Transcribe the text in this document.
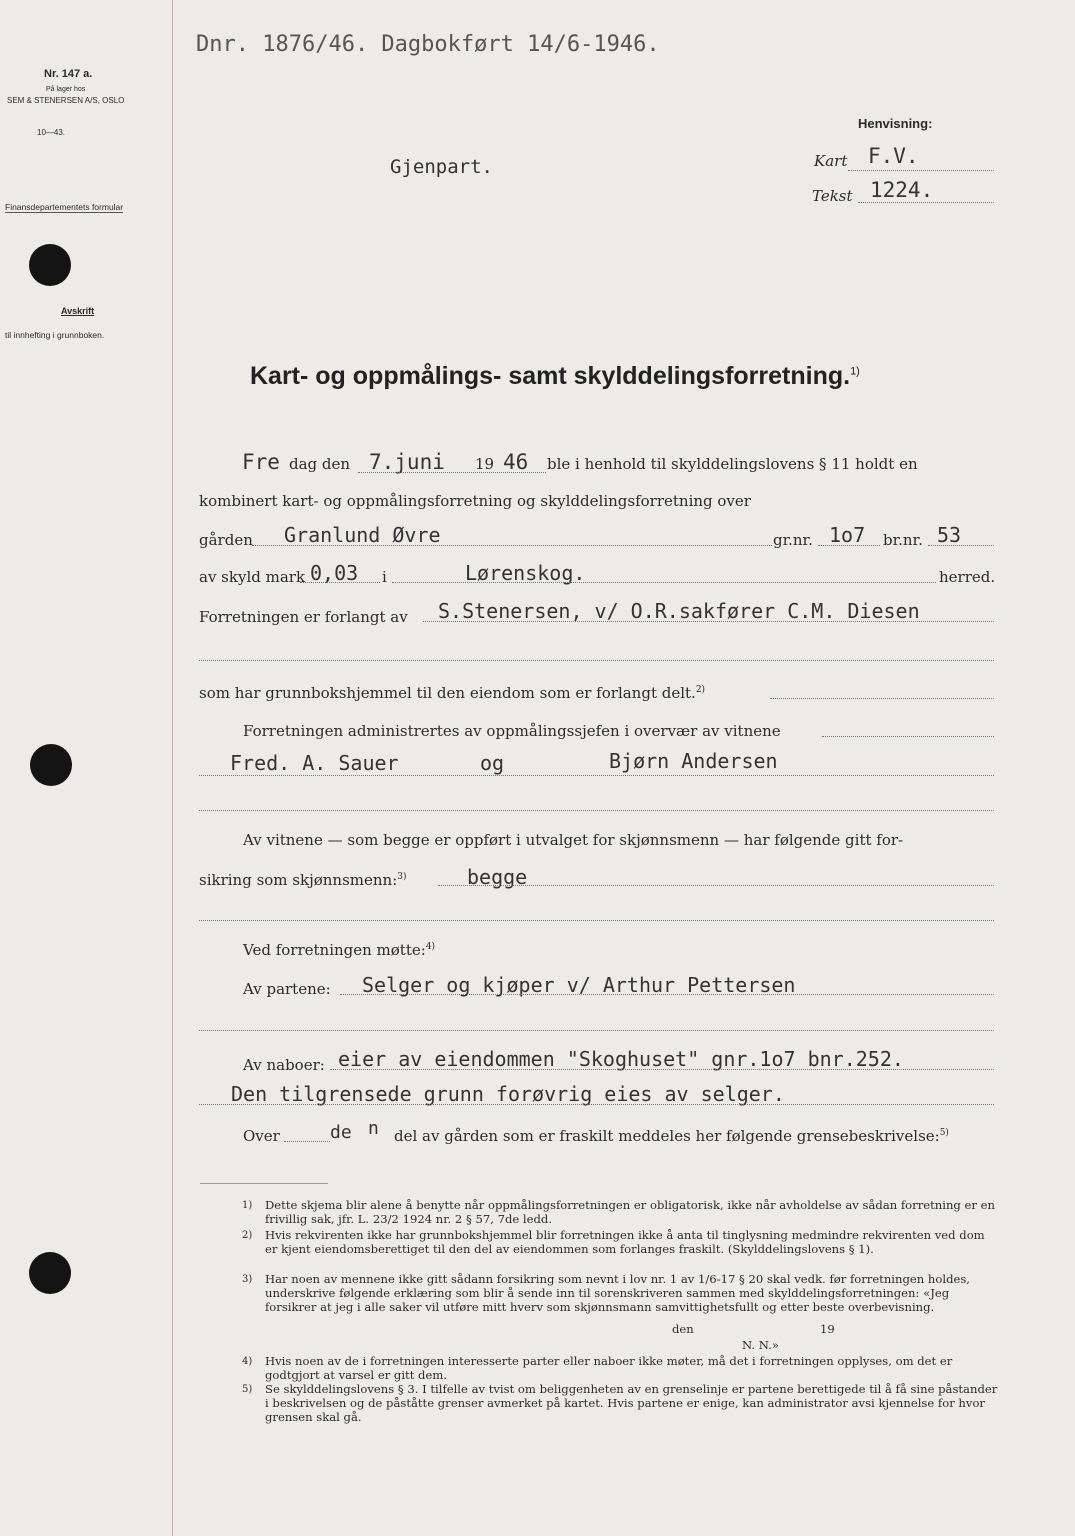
Nr. 147 a.
På lager hos
SEM & STENERSEN A/S, OSLO
10—43.
Finansdepartementets formular
Avskrift
til innhefting i grunnboken.
Dnr. 1876/46. Dagbokført 14/6-1946.
Gjenpart.
Henvisning:
Kart F.V.
Tekst 1224.
Kart- og oppmålings- samt skylddelingsforretning.$^{1)}$
Fre dag den 7.juni 19 46 ble i henhold til skylddelingslovens § 11 holdt en
kombinert kart- og oppmålingsforretning og skylddelingsforretning over
gården Granlund Øvre	gr.nr. 1o7 br.nr. 53
av skyld mark 0,03 i	Lørenskog.	herred.
Forretningen er forlangt av S.Stenersen, v/ O.R.sakfører C.M. Diesen
som har grunnbokshjemmel til den eiendom som er forlangt delt.$^{2)}$
Forretningen administrertes av oppmålingssjefen i overvær av vitnene
Fred. A. Sauer	og	Bjørn Andersen
Av vitnene — som begge er oppført i utvalget for skjønnsmenn — har følgende gitt for-
sikring som skjønnsmenn:$^{3)}$	begge
Ved forretningen møtte:$^{4)}$
Av partene: Selger og kjøper v/ Arthur Pettersen
Av naboer: eier av eiendommen "Skoghuset" gnr.1o7 bnr.252.
Den tilgrensede grunn forøvrig eies av selger.
Over	de n del av gården som er fraskilt meddeles her følgende grensebeskrivelse:$^{5)}$
1) Dette skjema blir alene å benytte når oppmålingsforretningen er obligatorisk, ikke når avholdelse av sådan forretning er en frivillig sak, jfr. L. 23/2 1924 nr. 2 § 57, 7de ledd.
2) Hvis rekvirenten ikke har grunnbokshjemmel blir forretningen ikke å anta til tinglysning medmindre rekvirenten ved dom er kjent eiendomsberettiget til den del av eiendommen som forlanges fraskilt. (Skylddelingslovens § 1).
3) Har noen av mennene ikke gitt sådann forsikring som nevnt i lov nr. 1 av 1/6-17 § 20 skal vedk. før forretningen holdes, underskrive følgende erklæring som blir å sende inn til sorenskriveren sammen med skylddelingsforretningen: «Jeg forsikrer at jeg i alle saker vil utføre mitt hverv som skjønnsmann samvittighetsfullt og etter beste overbevisning.
den	19
N. N.»
4) Hvis noen av de i forretningen interesserte parter eller naboer ikke møter, må det i forretningen opplyses, om det er godtgjort at varsel er gitt dem.
5) Se skylddelingslovens § 3. I tilfelle av tvist om beliggenheten av en grenselinje er partene berettigede til å få sine påstander i beskrivelsen og de påståtte grenser avmerket på kartet. Hvis partene er enige, kan administrator avsi kjennelse for hvor grensen skal gå.
